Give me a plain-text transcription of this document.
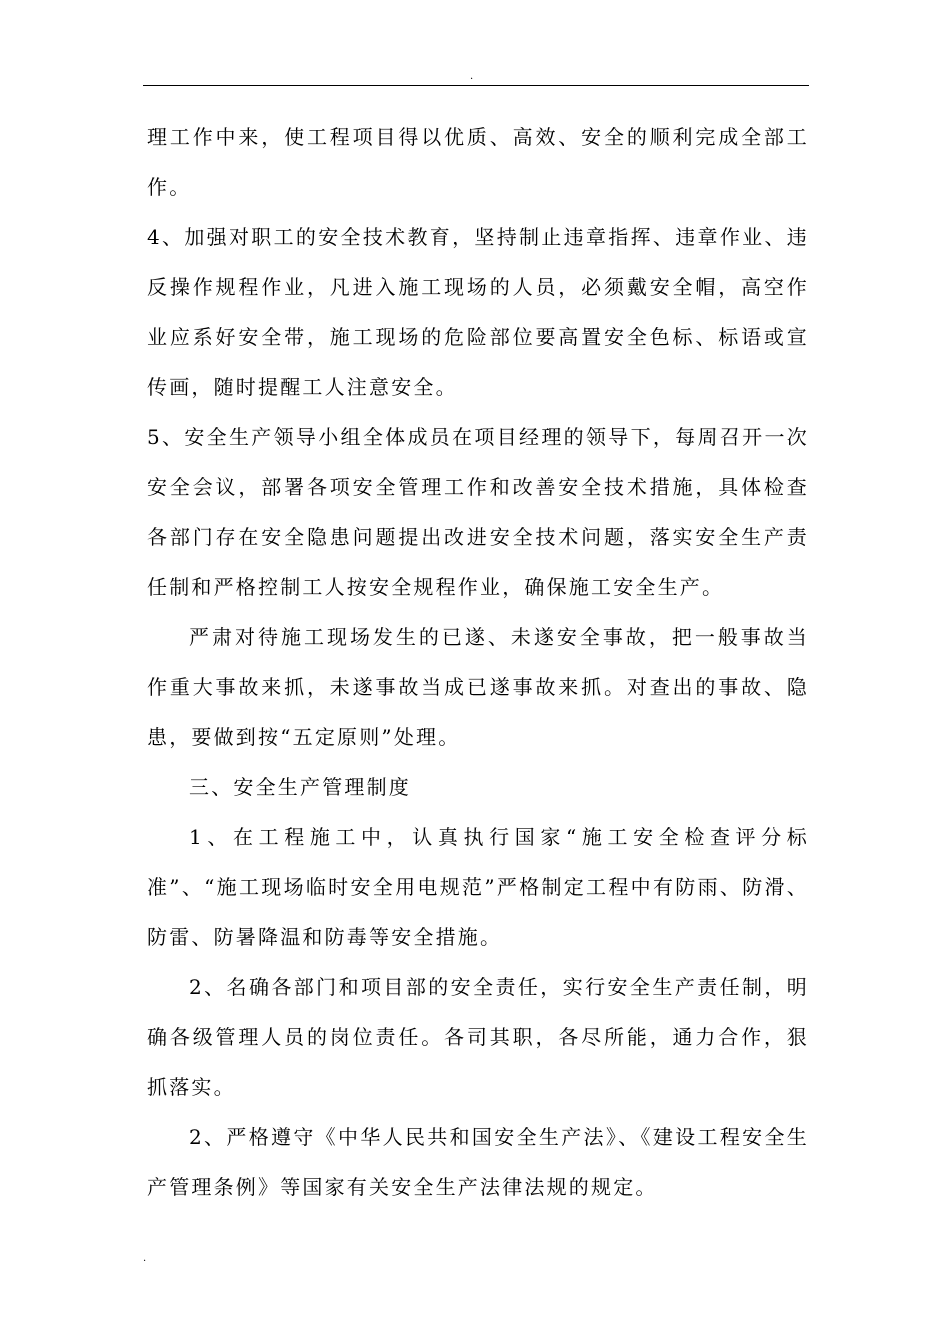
.

理工作中来，使工程项目得以优质、高效、安全的顺利完成全部工作。

4、加强对职工的安全技术教育，坚持制止违章指挥、违章作业、违反操作规程作业，凡进入施工现场的人员，必须戴安全帽，高空作业应系好安全带，施工现场的危险部位要高置安全色标、标语或宣传画，随时提醒工人注意安全。

5、安全生产领导小组全体成员在项目经理的领导下，每周召开一次安全会议，部署各项安全管理工作和改善安全技术措施，具体检查各部门存在安全隐患问题提出改进安全技术问题，落实安全生产责任制和严格控制工人按安全规程作业，确保施工安全生产。

严肃对待施工现场发生的已遂、未遂安全事故，把一般事故当作重大事故来抓，未遂事故当成已遂事故来抓。对查出的事故、隐患，要做到按“五定原则”处理。

三、安全生产管理制度

1、在工程施工中，认真执行国家“施工安全检查评分标准”、“施工现场临时安全用电规范”严格制定工程中有防雨、防滑、防雷、防暑降温和防毒等安全措施。

2、名确各部门和项目部的安全责任，实行安全生产责任制，明确各级管理人员的岗位责任。各司其职，各尽所能，通力合作，狠抓落实。

2、严格遵守《中华人民共和国安全生产法》、《建设工程安全生产管理条例》等国家有关安全生产法律法规的规定。

.
